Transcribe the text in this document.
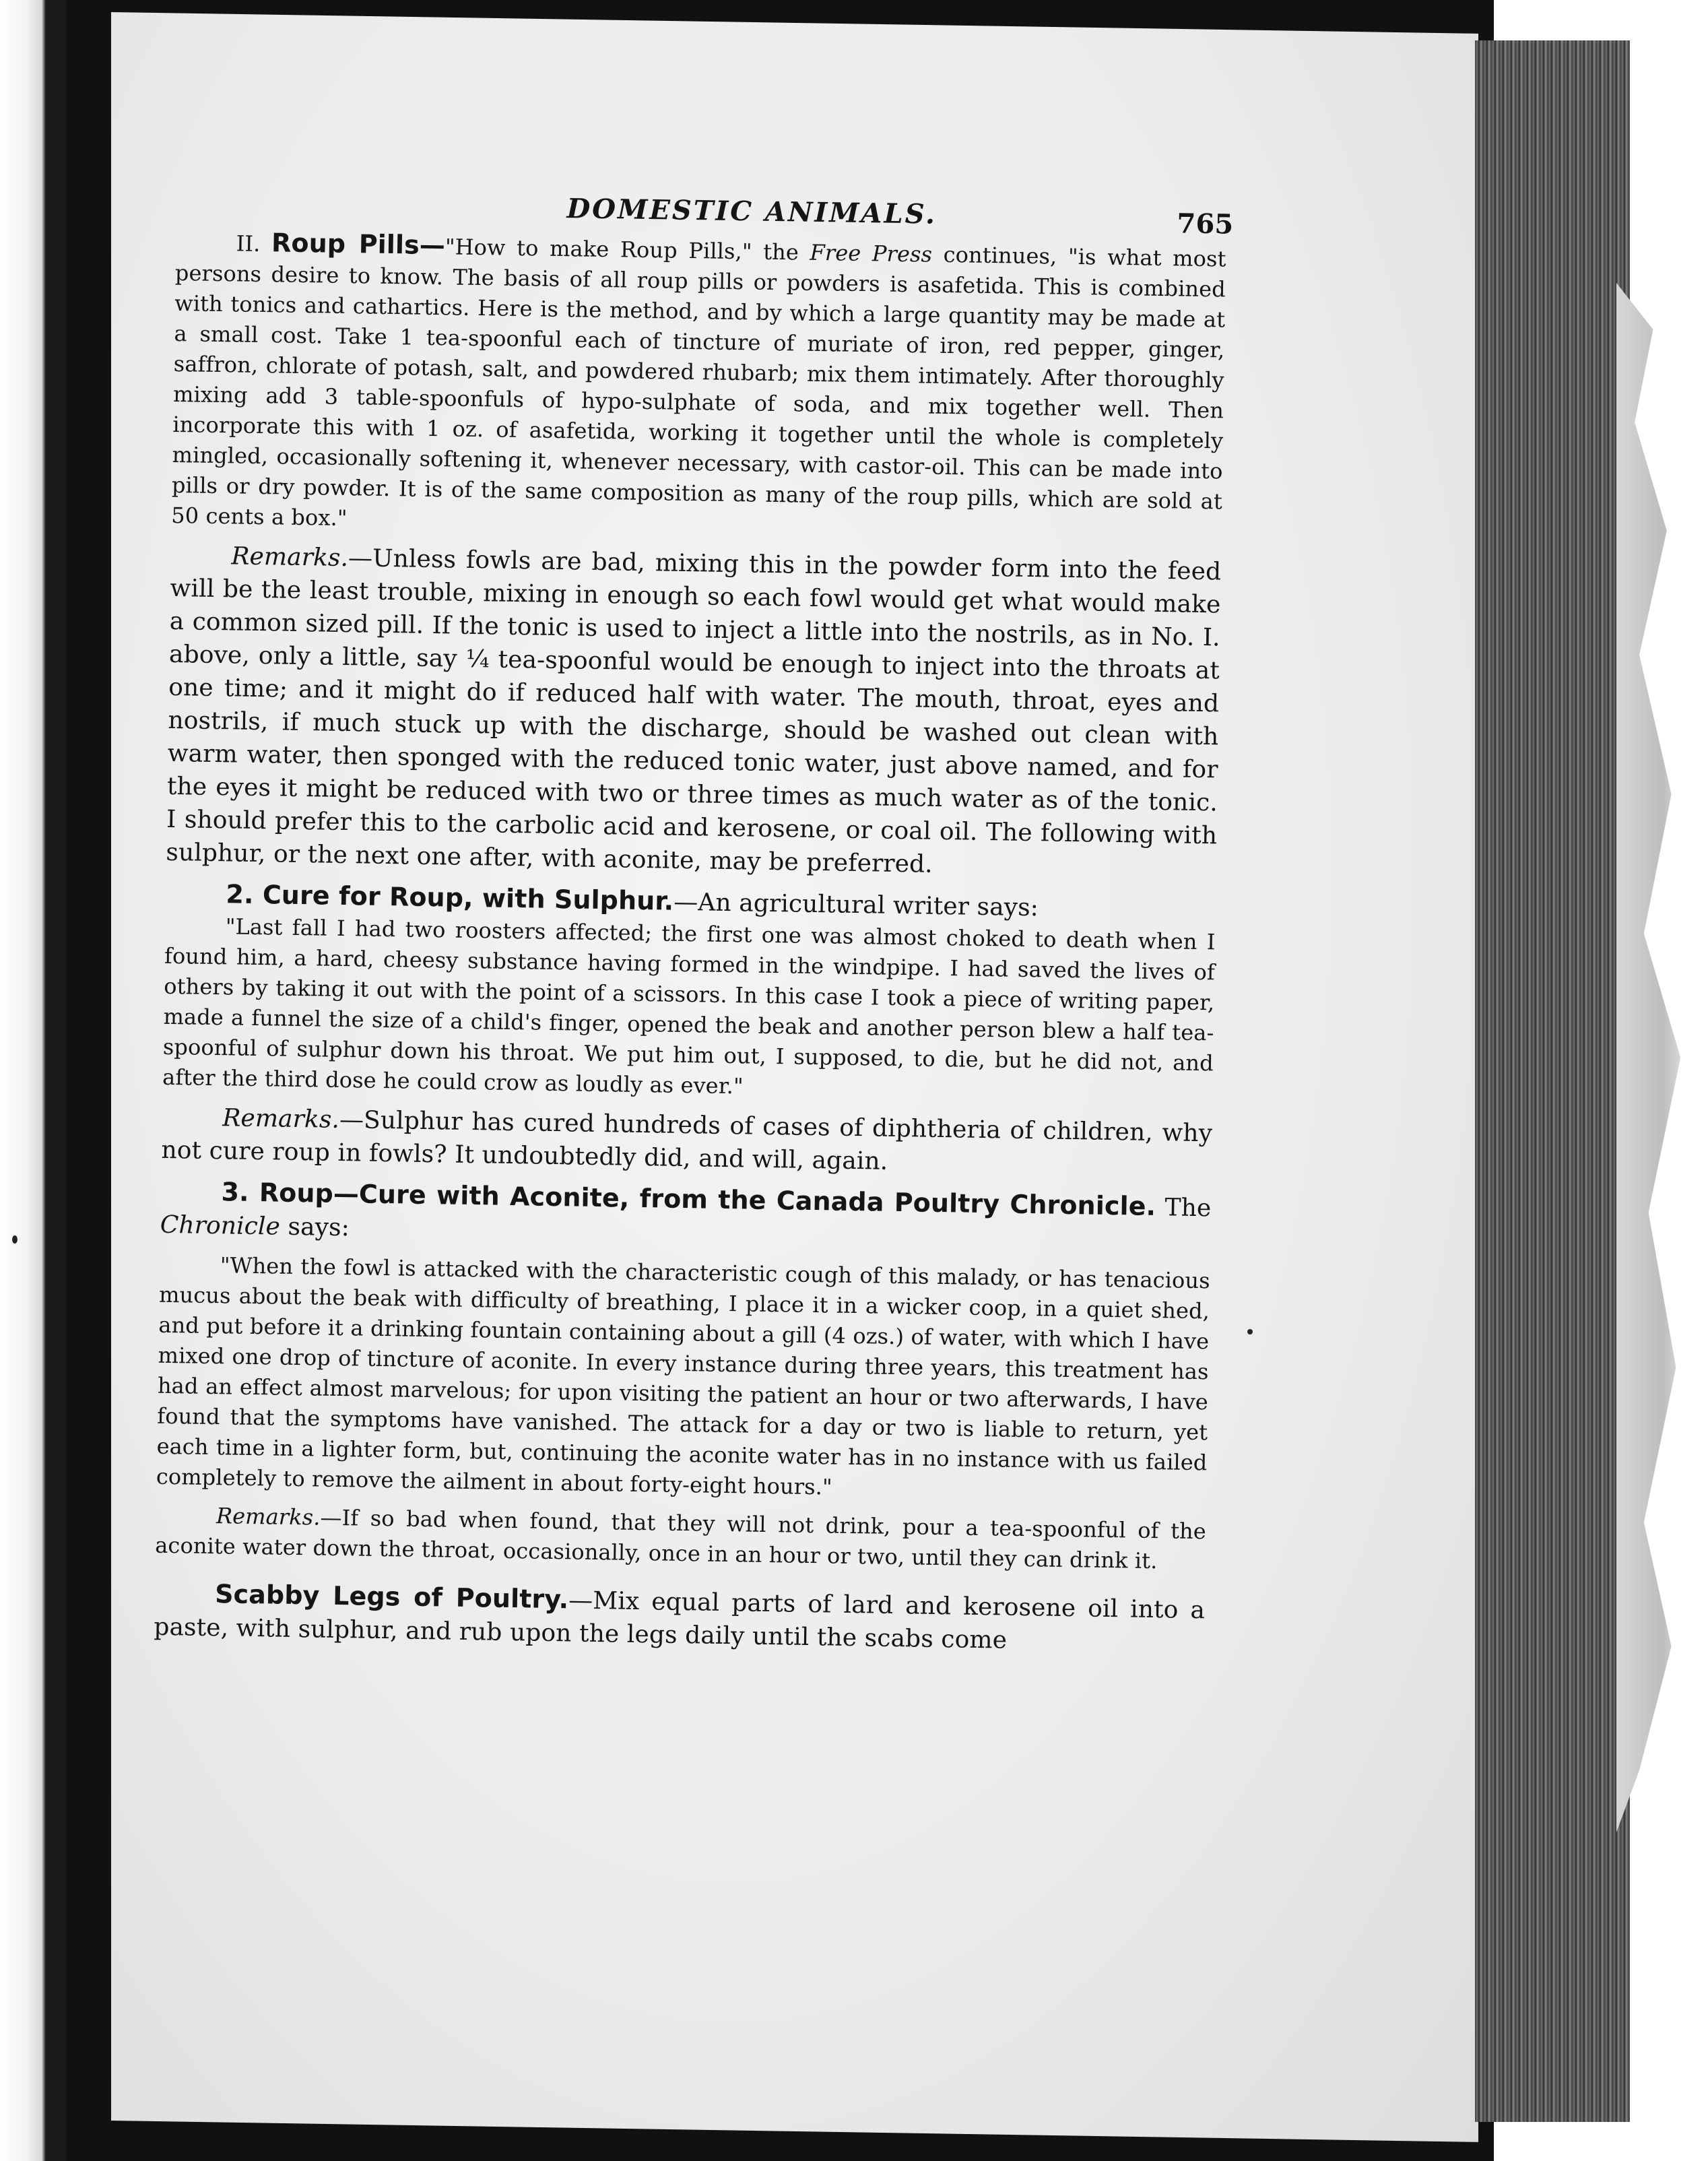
DOMESTIC ANIMALS.	765

II. Roup Pills—"How to make Roup Pills," the Free Press continues, "is what most persons desire to know. The basis of all roup pills or powders is asafetida. This is combined with tonics and cathartics. Here is the method, and by which a large quantity may be made at a small cost. Take 1 tea-spoonful each of tincture of muriate of iron, red pepper, ginger, saffron, chlorate of potash, salt, and powdered rhubarb; mix them intimately. After thoroughly mixing add 3 table-spoonfuls of hypo-sulphate of soda, and mix together well. Then incorporate this with 1 oz. of asafetida, working it together until the whole is completely mingled, occasionally softening it, whenever necessary, with castor-oil. This can be made into pills or dry powder. It is of the same composition as many of the roup pills, which are sold at 50 cents a box."

Remarks.—Unless fowls are bad, mixing this in the powder form into the feed will be the least trouble, mixing in enough so each fowl would get what would make a common sized pill. If the tonic is used to inject a little into the nostrils, as in No. I. above, only a little, say ¼ tea-spoonful would be enough to inject into the throats at one time; and it might do if reduced half with water. The mouth, throat, eyes and nostrils, if much stuck up with the discharge, should be washed out clean with warm water, then sponged with the reduced tonic water, just above named, and for the eyes it might be reduced with two or three times as much water as of the tonic. I should prefer this to the carbolic acid and kerosene, or coal oil. The following with sulphur, or the next one after, with aconite, may be preferred.

2. Cure for Roup, with Sulphur.—An agricultural writer says:

"Last fall I had two roosters affected; the first one was almost choked to death when I found him, a hard, cheesy substance having formed in the windpipe. I had saved the lives of others by taking it out with the point of a scissors. In this case I took a piece of writing paper, made a funnel the size of a child's finger, opened the beak and another person blew a half tea-spoonful of sulphur down his throat. We put him out, I supposed, to die, but he did not, and after the third dose he could crow as loudly as ever."

Remarks.—Sulphur has cured hundreds of cases of diphtheria of children, why not cure roup in fowls? It undoubtedly did, and will, again.

3. Roup—Cure with Aconite, from the Canada Poultry Chronicle. The Chronicle says:

"When the fowl is attacked with the characteristic cough of this malady, or has tenacious mucus about the beak with difficulty of breathing, I place it in a wicker coop, in a quiet shed, and put before it a drinking fountain containing about a gill (4 ozs.) of water, with which I have mixed one drop of tincture of aconite. In every instance during three years, this treatment has had an effect almost marvelous; for upon visiting the patient an hour or two afterwards, I have found that the symptoms have vanished. The attack for a day or two is liable to return, yet each time in a lighter form, but, continuing the aconite water has in no instance with us failed completely to remove the ailment in about forty-eight hours."

Remarks.—If so bad when found, that they will not drink, pour a tea-spoonful of the aconite water down the throat, occasionally, once in an hour or two, until they can drink it.

Scabby Legs of Poultry.—Mix equal parts of lard and kerosene oil into a paste, with sulphur, and rub upon the legs daily until the scabs come
